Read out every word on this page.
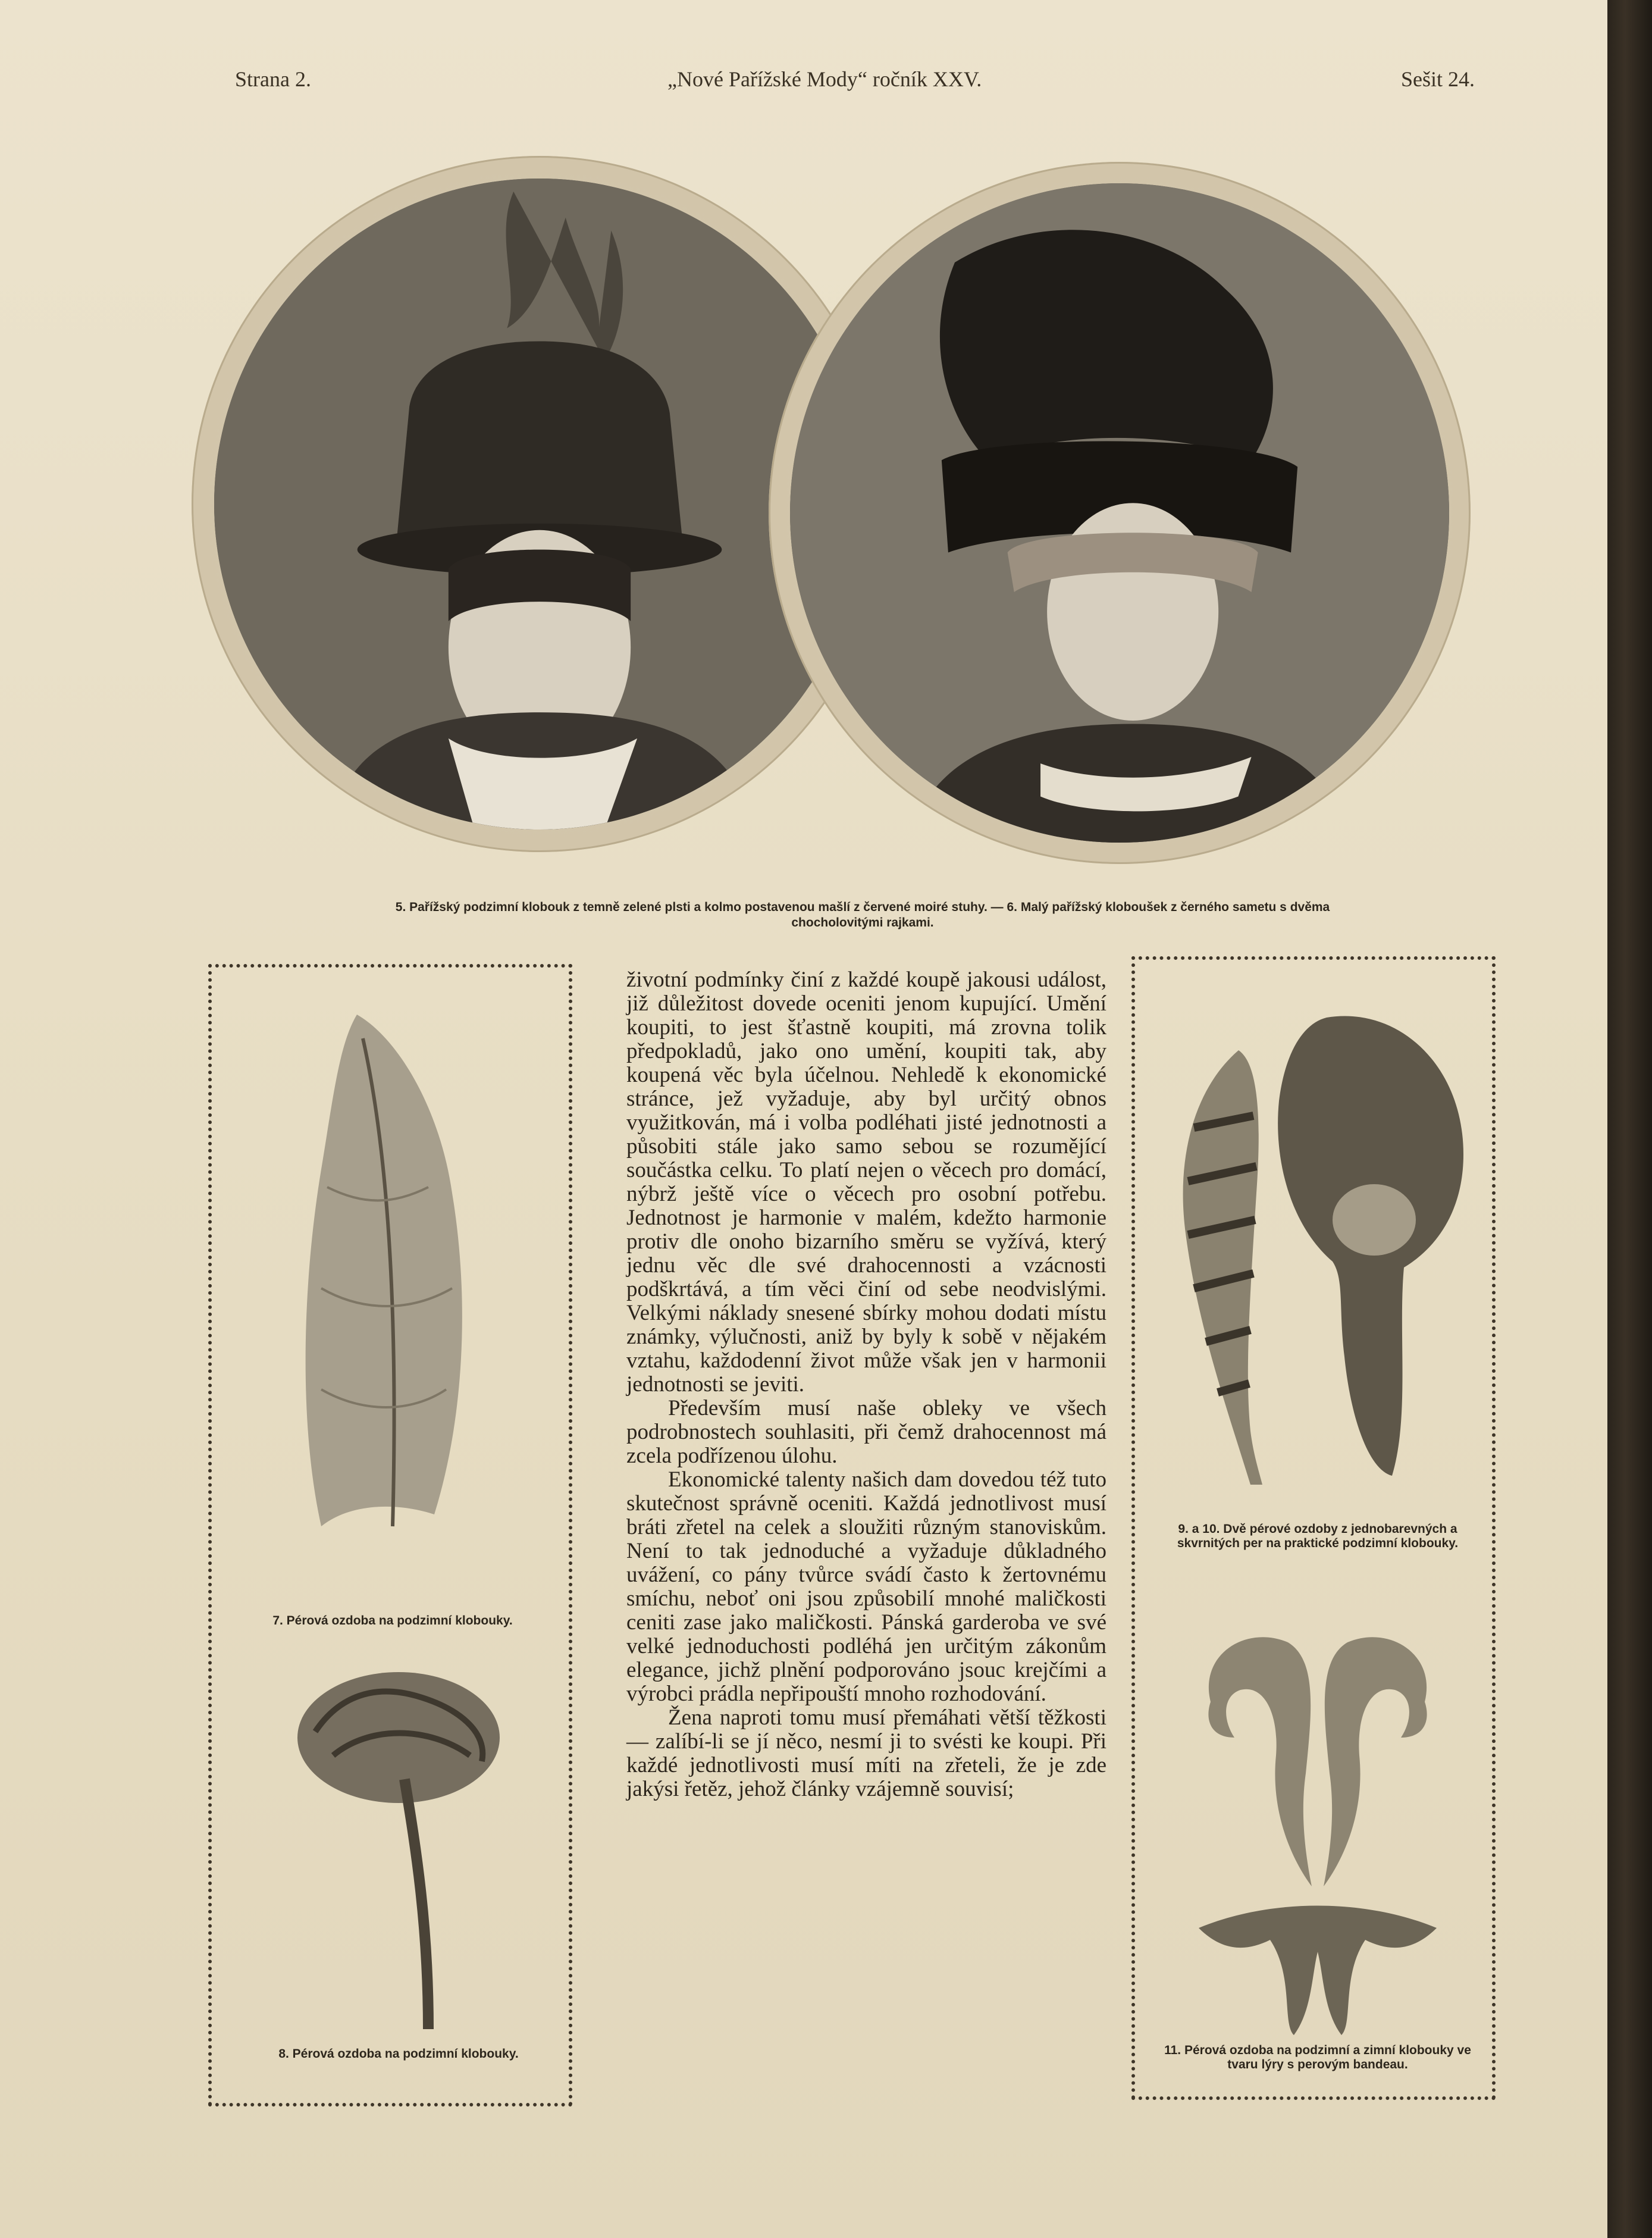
Strana 2.	„Nové Pařížské Mody“ ročník XXV.	Sešit 24.
5. Pařížský podzimní klobouk z temně zelené plsti a kolmo postavenou mašlí z červené moiré stuhy. — 6. Malý pařížský kloboušek z černého sametu s dvěma
chocholovitými rajkami.
7. Pérová ozdoba na podzimní klobouky.
8. Pérová ozdoba na podzimní klobouky.

životní podmínky činí z každé koupě jakousi událost, již důležitost dovede oceniti jenom kupující. Umění koupiti, to jest šťastně koupiti, má zrovna tolik předpokladů, jako ono umění, koupiti tak, aby koupená věc byla účelnou. Nehledě k ekonomické stránce, jež vyžaduje, aby byl určitý obnos využitkován, má i volba podléhati jisté jednotnosti a působiti stále jako samo sebou se rozumějící součástka celku. To platí nejen o věcech pro domácí, nýbrž ještě více o věcech pro osobní potřebu. Jednotnost je harmonie v malém, kdežto harmonie protiv dle onoho bizarního směru se vyžívá, který jednu věc dle své drahocennosti a vzácnosti podškrtává, a tím věci činí od sebe neodvislými. Velkými náklady snesené sbírky mohou dodati místu známky, výlučnosti, aniž by byly k sobě v nějakém vztahu, každodenní život může však jen v harmonii jednotnosti se jeviti.

Především musí naše obleky ve všech podrobnostech souhlasiti, při čemž drahocennost má zcela podřízenou úlohu.

Ekonomické talenty našich dam dovedou též tuto skutečnost správně oceniti. Každá jednotlivost musí bráti zřetel na celek a sloužiti různým stanoviskům. Není to tak jednoduché a vyžaduje důkladného uvážení, co pány tvůrce svádí často k žertovnému smíchu, neboť oni jsou způsobilí mnohé maličkosti ceniti zase jako maličkosti. Pánská garderoba ve své velké jednoduchosti podléhá jen určitým zákonům elegance, jichž plnění podporováno jsouc krejčími a výrobci prádla nepřipouští mnoho rozhodování.

Žena naproti tomu musí přemáhati větší těžkosti — zalíbí-li se jí něco, nesmí ji to svésti ke koupi. Při každé jednotlivosti musí míti na zřeteli, že je zde jakýsi řetěz, jehož články vzájemně souvisí;

9. a 10. Dvě pérové ozdoby z jednobarevných a skvrnitých per na praktické podzimní klobouky.
11. Pérová ozdoba na podzimní a zimní klobouky ve tvaru lýry s perovým bandeau.
